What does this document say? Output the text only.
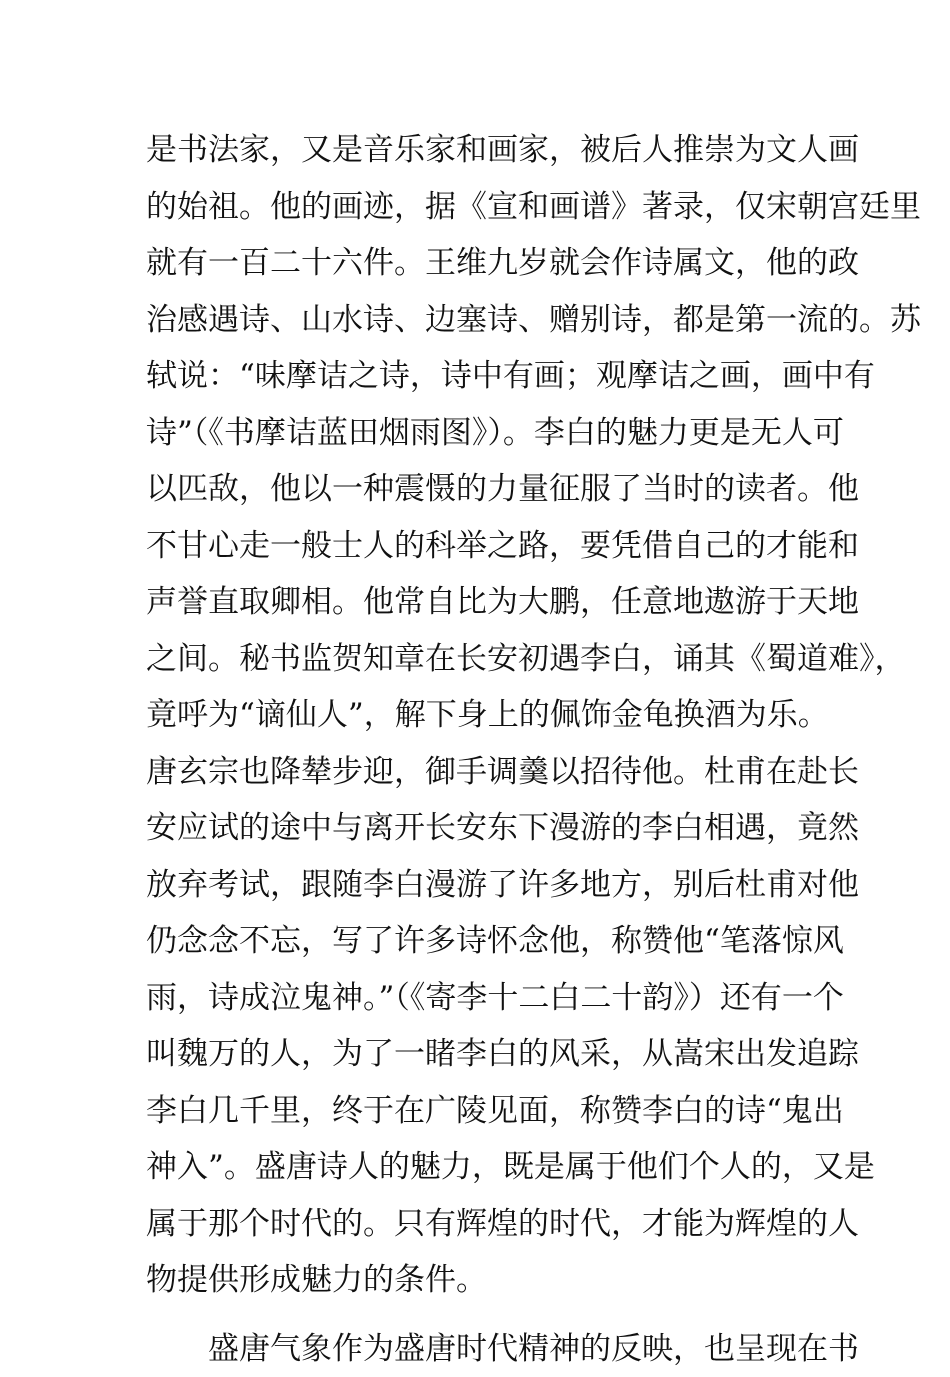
是书法家，又是音乐家和画家，被后人推崇为文人画
的始祖。他的画迹，据《宣和画谱》著录，仅宋朝宫廷里
就有一百二十六件。王维九岁就会作诗属文，他的政
治感遇诗、山水诗、边塞诗、赠别诗，都是第一流的。苏
轼说：“味摩诘之诗，诗中有画；观摩诘之画，画中有
诗”（《书摩诘蓝田烟雨图》）。李白的魅力更是无人可
以匹敌，他以一种震慑的力量征服了当时的读者。他
不甘心走一般士人的科举之路，要凭借自己的才能和
声誉直取卿相。他常自比为大鹏，任意地遨游于天地
之间。秘书监贺知章在长安初遇李白，诵其《蜀道难》，
竟呼为“谪仙人”，解下身上的佩饰金龟换酒为乐。
唐玄宗也降辇步迎，御手调羹以招待他。杜甫在赴长
安应试的途中与离开长安东下漫游的李白相遇，竟然
放弃考试，跟随李白漫游了许多地方，别后杜甫对他
仍念念不忘，写了许多诗怀念他，称赞他“笔落惊风
雨，诗成泣鬼神。”（《寄李十二白二十韵》）还有一个
叫魏万的人，为了一睹李白的风采，从嵩宋出发追踪
李白几千里，终于在广陵见面，称赞李白的诗“鬼出
神入”。盛唐诗人的魅力，既是属于他们个人的，又是
属于那个时代的。只有辉煌的时代，才能为辉煌的人
物提供形成魅力的条件。
盛唐气象作为盛唐时代精神的反映，也呈现在书
